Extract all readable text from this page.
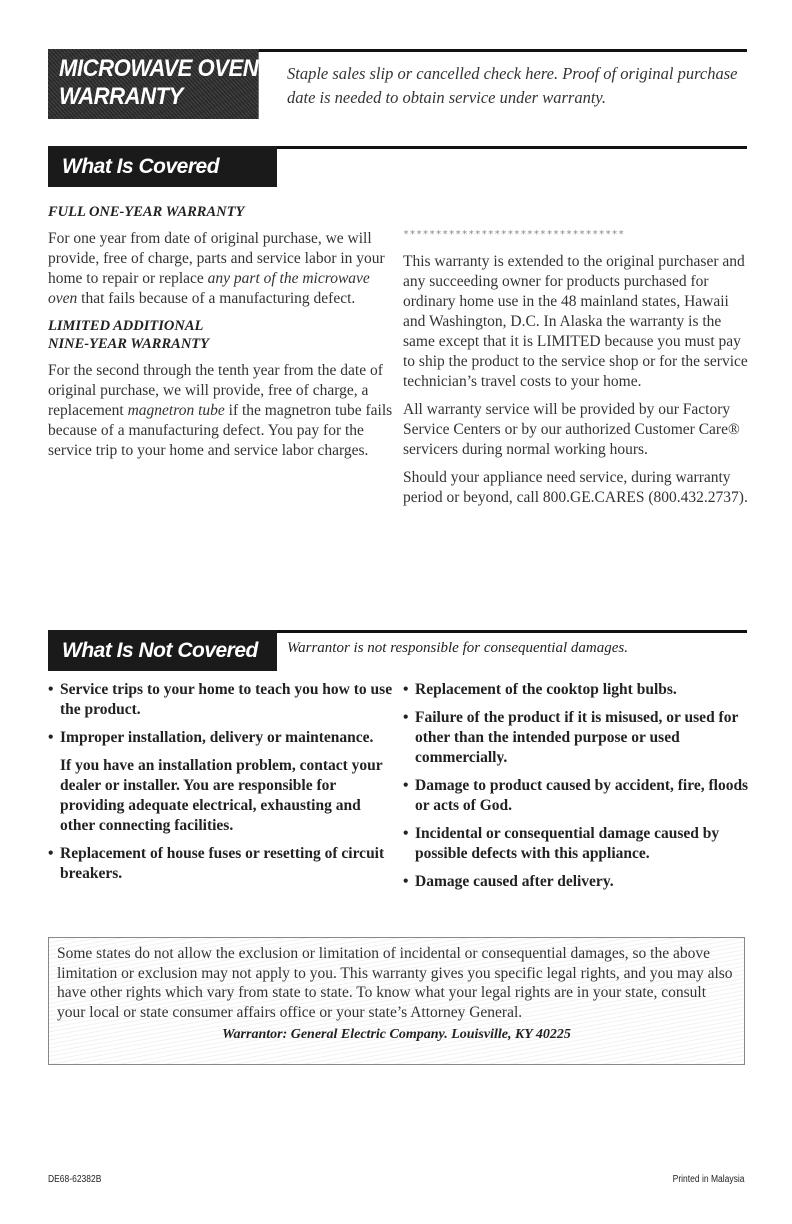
MICROWAVE OVEN
WARRANTY
Staple sales slip or cancelled check here. Proof of original purchase date is needed to obtain service under warranty.
What Is Covered
FULL ONE-YEAR WARRANTY

For one year from date of original purchase, we will provide, free of charge, parts and service labor in your home to repair or replace any part of the microwave oven that fails because of a manufacturing defect.

LIMITED ADDITIONAL
NINE-YEAR WARRANTY

For the second through the tenth year from the date of original purchase, we will provide, free of charge, a replacement magnetron tube if the magnetron tube fails because of a manufacturing defect. You pay for the service trip to your home and service labor charges.

**********************************

This warranty is extended to the original purchaser and any succeeding owner for products purchased for ordinary home use in the 48 mainland states, Hawaii and Washington, D.C. In Alaska the warranty is the same except that it is LIMITED because you must pay to ship the product to the service shop or for the service technician’s travel costs to your home.

All warranty service will be provided by our Factory Service Centers or by our authorized Customer Care® servicers during normal working hours.

Should your appliance need service, during warranty period or beyond, call 800.GE.CARES (800.432.2737).

What Is Not Covered	Warrantor is not responsible for consequential damages.
• Service trips to your home to teach you how to use the product.
• Improper installation, delivery or maintenance.
If you have an installation problem, contact your dealer or installer. You are responsible for providing adequate electrical, exhausting and other connecting facilities.
• Replacement of house fuses or resetting of circuit breakers.
• Replacement of the cooktop light bulbs.
• Failure of the product if it is misused, or used for other than the intended purpose or used commercially.
• Damage to product caused by accident, fire, floods or acts of God.
• Incidental or consequential damage caused by possible defects with this appliance.
• Damage caused after delivery.
Some states do not allow the exclusion or limitation of incidental or consequential damages, so the above limitation or exclusion may not apply to you. This warranty gives you specific legal rights, and you may also have other rights which vary from state to state. To know what your legal rights are in your state, consult your local or state consumer affairs office or your state’s Attorney General.
Warrantor: General Electric Company. Louisville, KY 40225
DE68-62382B	Printed in Malaysia
